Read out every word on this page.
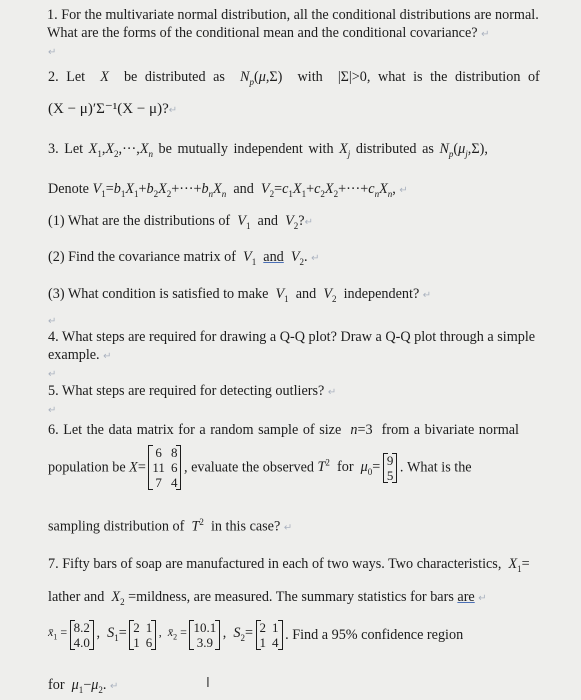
1. For the multivariate normal distribution, all the conditional distributions are normal.
What are the forms of the conditional mean and the conditional covariance? ↵
↵
2. Let X be distributed as $N_p(\mu,\Sigma)$  with  |Σ|>0, what is the distribution of
(X − μ)′Σ⁻¹(X − μ)?↵
3. Let $X_1,X_2,\cdot\cdot\cdot,X_n$ be mutually independent with $X_j$ distributed as $N_p(\mu_j,\Sigma)$,
Denote $V_1=b_1X_1+b_2X_2+\cdot\cdot\cdot+b_nX_n$ and $V_2=c_1X_1+c_2X_2+\cdot\cdot\cdot+c_nX_n$, ↵
(1) What are the distributions of $V_1$ and $V_2?↵$
(2) Find the covariance matrix of $V_1$ and $V_2$. ↵
(3) What condition is satisfied to make $V_1$ and $V_2$ independent? ↵
↵
4. What steps are required for drawing a Q-Q plot? Draw a Q-Q plot through a simple
example. ↵
↵
5. What steps are required for detecting outliers? ↵
↵
6. Let the data matrix for a random sample of size n=3  from a bivariate normal
population be X=
6	8
11	6
7	4
, evaluate the observed $T^2$ for $\mu_0= 9$
5 . What is the
sampling distribution of $T^2$ in this case? ↵
7. Fifty bars of soap are manufactured in each of two ways. Two characteristics, $X_1=$
lather and $X_2$ =mildness, are measured. The summary statistics for bars are ↵
$x̄_1 = 8.2$
4.0
,  $S_1= 2$	1
1	6
,  $x̄_2 = 10.1$
3.9
,  $S_2= 2$	1
1	4 . Find a 95% confidence region
for $\mu_1-\mu_2$. ↵	I
